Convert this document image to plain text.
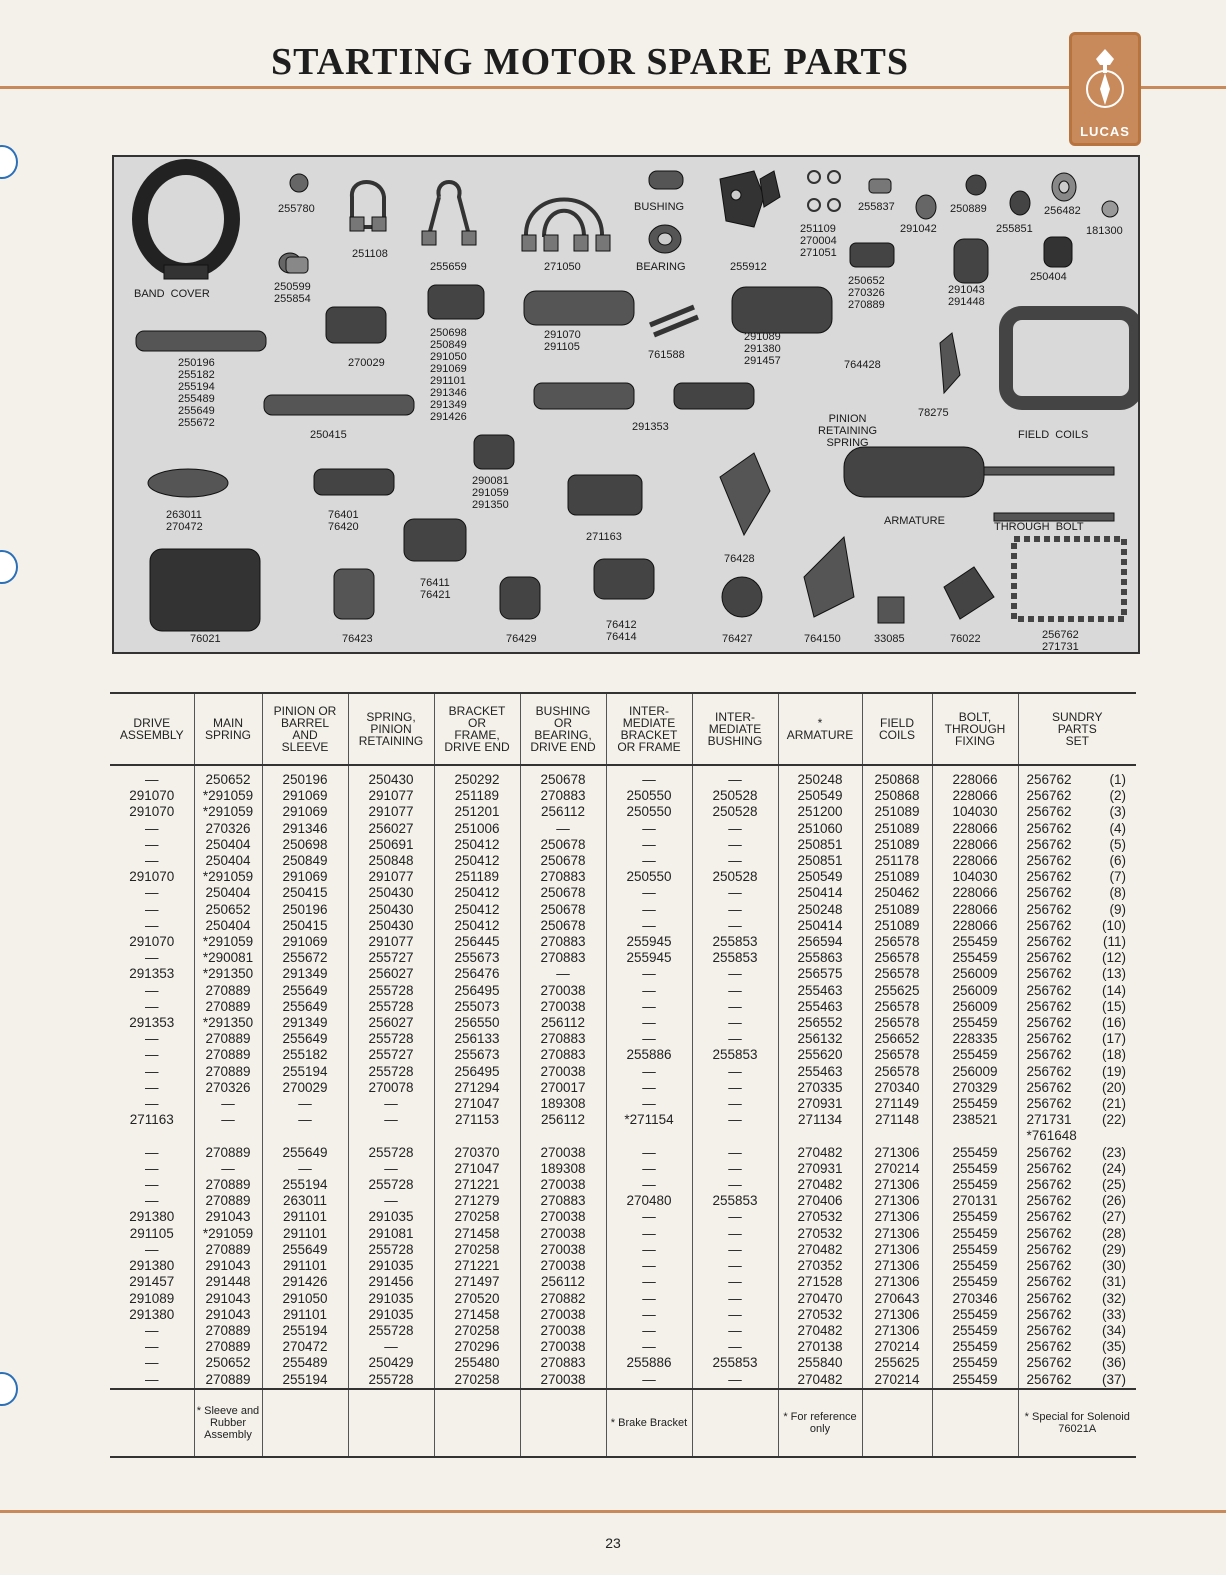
STARTING MOTOR SPARE PARTS
LUCAS
BAND  COVER
255780
251108
255659	271050
BUSHING
BEARING	255912
251109
270004
271051
255837
291042
250889
255851
256482
181300
250599
255854
250652
270326
270889
291043
291448
250404
250196
255182
255194
255489
255649
255672
270029
250698
250849
291050
291069
291101
291346
291349
291426
291070
291105
761588
291089
291380
291457	764428
250415
291353
PINION
RETAINING
SPRING
78275
FIELD  COILS
290081
291059
291350
263011
270472
76401
76420
271163
ARMATURE	THROUGH  BOLT
76428
76411
76421
76021	76423	76429
76412
76414	76427	764150	33085	76022	256762
271731
DRIVE
ASSEMBLY	MAIN
SPRING	PINION OR
BARREL
AND
SLEEVE	SPRING,
PINION
RETAINING	BRACKET
OR
FRAME,
DRIVE END	BUSHING
OR
BEARING,
DRIVE END	INTER-
MEDIATE
BRACKET
OR FRAME	INTER-
MEDIATE
BUSHING	*
ARMATURE	FIELD
COILS	BOLT,
THROUGH
FIXING	SUNDRY
PARTS
SET
—	250652	250196	250430	250292	250678	—	—	250248	250868	228066	256762 (1)

291070	*291059	291069	291077	251189	270883	250550	250528	250549	250868	228066	256762 (2)

291070	*291059	291069	291077	251201	256112	250550	250528	251200	251089	104030	256762 (3)

—	270326	291346	256027	251006	—	—	—	251060	251089	228066	256762 (4)

—	250404	250698	250691	250412	250678	—	—	250851	251089	228066	256762 (5)

—	250404	250849	250848	250412	250678	—	—	250851	251178	228066	256762 (6)

291070	*291059	291069	291077	251189	270883	250550	250528	250549	251089	104030	256762 (7)

—	250404	250415	250430	250412	250678	—	—	250414	250462	228066	256762 (8)

—	250652	250196	250430	250412	250678	—	—	250248	251089	228066	256762 (9)

—	250404	250415	250430	250412	250678	—	—	250414	251089	228066	256762 (10)

291070	*291059	291069	291077	256445	270883	255945	255853	256594	256578	255459	256762 (11)

—	*290081	255672	255727	255673	270883	255945	255853	255863	256578	255459	256762 (12)

291353	*291350	291349	256027	256476	—	—	—	256575	256578	256009	256762 (13)

—	270889	255649	255728	256495	270038	—	—	255463	255625	256009	256762 (14)

—	270889	255649	255728	255073	270038	—	—	255463	256578	256009	256762 (15)

291353	*291350	291349	256027	256550	256112	—	—	256552	256578	255459	256762 (16)

—	270889	255649	255728	256133	270883	—	—	256132	256652	228335	256762 (17)

—	270889	255182	255727	255673	270883	255886	255853	255620	256578	255459	256762 (18)

—	270889	255194	255728	256495	270038	—	—	255463	256578	256009	256762 (19)

—	270326	270029	270078	271294	270017	—	—	270335	270340	270329	256762 (20)

—	—	—	—	271047	189308	—	—	270931	271149	255459	256762 (21)

271163	—	—	—	271153	256112	*271154	—	271134	271148	238521	271731 (22)

											*761648

—	270889	255649	255728	270370	270038	—	—	270482	271306	255459	256762 (23)

—	—	—	—	271047	189308	—	—	270931	270214	255459	256762 (24)

—	270889	255194	255728	271221	270038	—	—	270482	271306	255459	256762 (25)

—	270889	263011	—	271279	270883	270480	255853	270406	271306	270131	256762 (26)

291380	291043	291101	291035	270258	270038	—	—	270532	271306	255459	256762 (27)

291105	*291059	291101	291081	271458	270038	—	—	270532	271306	255459	256762 (28)

—	270889	255649	255728	270258	270038	—	—	270482	271306	255459	256762 (29)

291380	291043	291101	291035	271221	270038	—	—	270352	271306	255459	256762 (30)

291457	291448	291426	291456	271497	256112	—	—	271528	271306	255459	256762 (31)

291089	291043	291050	291035	270520	270882	—	—	270470	270643	270346	256762 (32)

291380	291043	291101	291035	271458	270038	—	—	270532	271306	255459	256762 (33)

—	270889	255194	255728	270258	270038	—	—	270482	271306	255459	256762 (34)

—	270889	270472	—	270296	270038	—	—	270138	270214	255459	256762 (35)

—	250652	255489	250429	255480	270883	255886	255853	255840	255625	255459	256762 (36)

—	270889	255194	255728	270258	270038	—	—	270482	270214	255459	256762 (37)

	* Sleeve and Rubber Assembly					* Brake Bracket		* For reference only			* Special for Solenoid 76021A
23
